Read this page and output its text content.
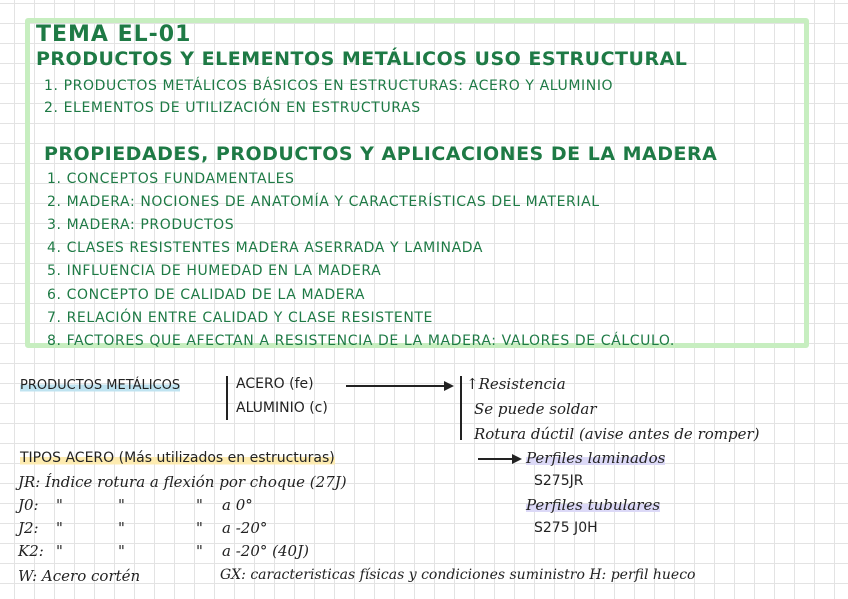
TEMA EL-01
PRODUCTOS Y ELEMENTOS METÁLICOS USO ESTRUCTURAL
1. PRODUCTOS METÁLICOS BÁSICOS EN ESTRUCTURAS: ACERO Y ALUMINIO
2. ELEMENTOS DE UTILIZACIÓN EN ESTRUCTURAS
PROPIEDADES, PRODUCTOS Y APLICACIONES DE LA MADERA
1. CONCEPTOS FUNDAMENTALES
2. MADERA: NOCIONES DE ANATOMÍA Y CARACTERÍSTICAS DEL MATERIAL
3. MADERA: PRODUCTOS
4. CLASES RESISTENTES MADERA ASERRADA Y LAMINADA
5. INFLUENCIA DE HUMEDAD EN LA MADERA
6. CONCEPTO DE CALIDAD DE LA MADERA
7. RELACIÓN ENTRE CALIDAD Y CLASE RESISTENTE
8. FACTORES QUE AFECTAN A RESISTENCIA DE LA MADERA: VALORES DE CÁLCULO.
PRODUCTOS METÁLICOS	ACERO (fe)
ALUMINIO (c)
↑Resistencia
Se puede soldar
Rotura dúctil (avise antes de romper)
TIPOS ACERO (Más utilizados en estructuras)	Perfiles laminados
S275JR
Perfiles tubulares
S275 J0H
JR: Índice rotura a flexión por choque (27J)
J0: "	"	" a 0°
J2: "	"	" a -20°
K2: "	"	" a -20° (40J)
W: Acero cortén	GX: caracteristicas físicas y condiciones suministro H: perfil hueco
